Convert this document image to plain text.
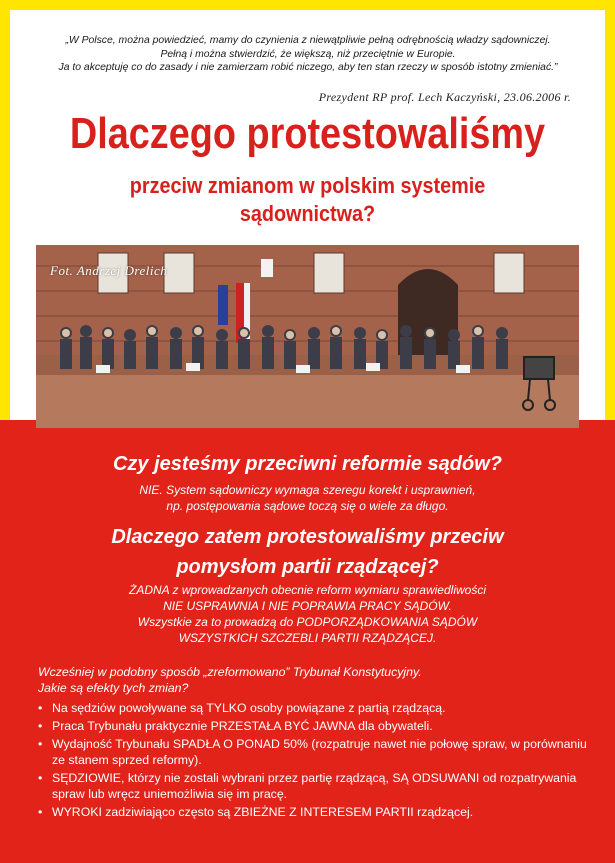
„W Polsce, można powiedzieć, mamy do czynienia z niewątpliwie pełną odrębnością władzy sądowniczej.
Pełną i można stwierdzić, że większą, niż przeciętnie w Europie.
Ja to akceptuję co do zasady i nie zamierzam robić niczego, aby ten stan rzeczy w sposób istotny zmieniać.”
Prezydent RP prof. Lech Kaczyński, 23.06.2006 r.
Dlaczego protestowaliśmy
przeciw zmianom w polskim systemie
sądownictwa?
Fot. Andrzej Drelich
Czy jesteśmy przeciwni reformie sądów?
NIE. System sądowniczy wymaga szeregu korekt i usprawnień,
np. postępowania sądowe toczą się o wiele za długo.
Dlaczego zatem protestowaliśmy przeciw
pomysłom partii rządzącej?
ŻADNA z wprowadzanych obecnie reform wymiaru sprawiedliwości
NIE USPRAWNIA I NIE POPRAWIA PRACY SĄDÓW.
Wszystkie za to prowadzą do PODPORZĄDKOWANIA SĄDÓW
WSZYSTKICH SZCZEBLI PARTII RZĄDZĄCEJ.
Wcześniej w podobny sposób „zreformowano” Trybunał Konstytucyjny.
Jakie są efekty tych zmian?
• Na sędziów powoływane są TYLKO osoby powiązane z partią rządzącą.
• Praca Trybunału praktycznie PRZESTAŁA BYĆ JAWNA dla obywateli.
• Wydajność Trybunału SPADŁA O PONAD 50% (rozpatruje nawet nie połowę spraw, w porównaniu ze stanem sprzed reformy).
• SĘDZIOWIE, którzy nie zostali wybrani przez partię rządzącą, SĄ ODSUWANI od rozpatrywania spraw lub wręcz uniemożliwia się im pracę.
• WYROKI zadziwiająco często są ZBIEŻNE Z INTERESEM PARTII rządzącej.
